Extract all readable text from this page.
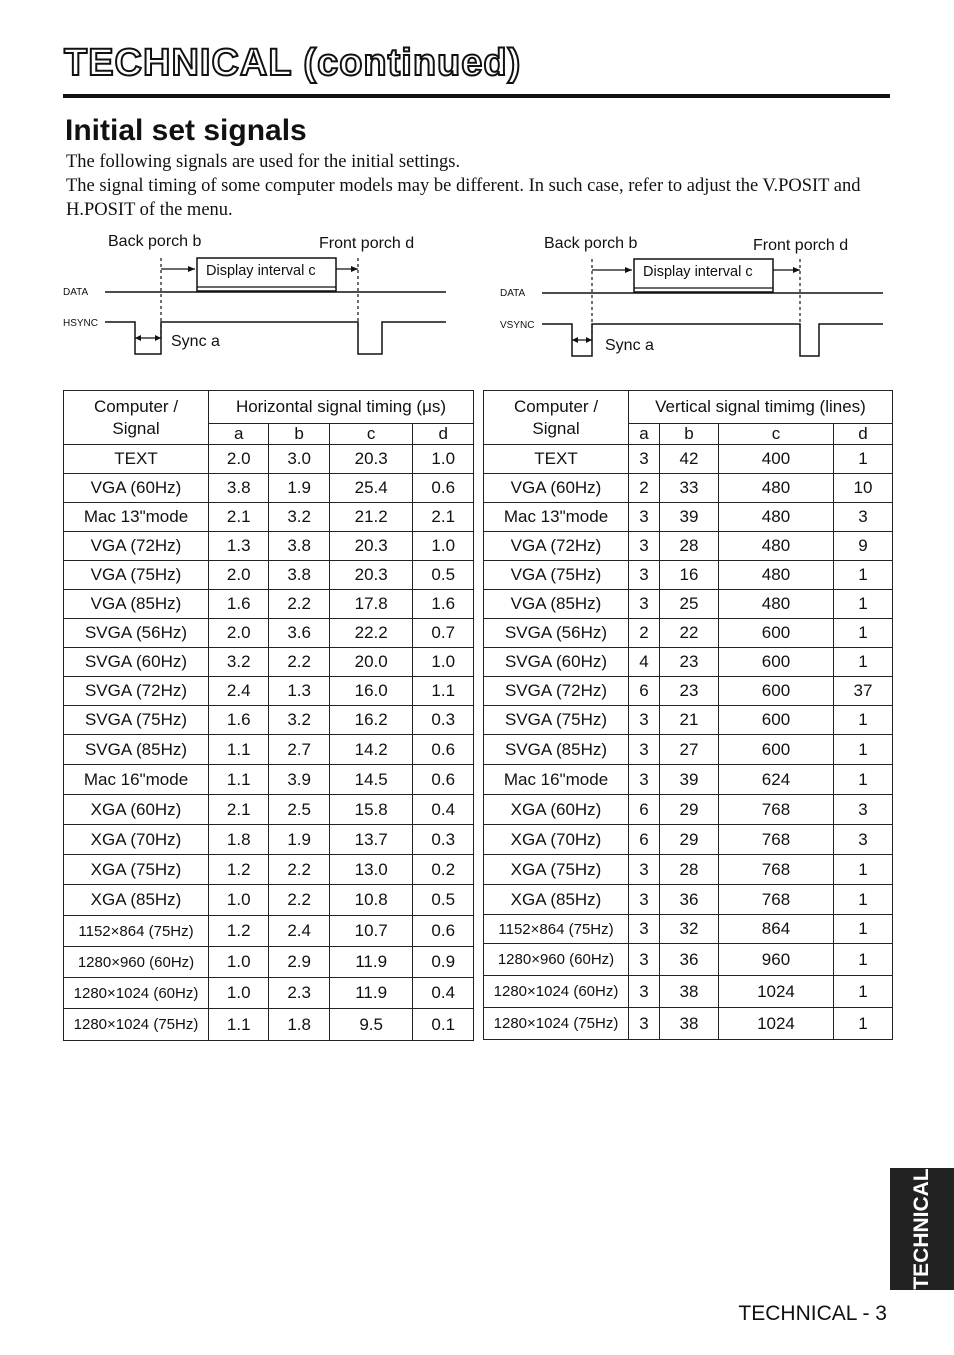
TECHNICAL (continued)
Initial set signals

The following signals are used for the initial settings.

The signal timing of some computer models may be different. In such case, refer to adjust the V.POSIT and H.POSIT of the menu.

Back porch b	Front porch d
Display interval c
DATA
HSYNC
Sync a
Back porch b	Front porch d
Display interval c
DATA
VSYNC
Sync a
Computer /
Signal	Horizontal signal timing (μs)			
	a	b	c	d
TEXT	2.0	3.0	20.3	1.0
VGA (60Hz)	3.8	1.9	25.4	0.6
Mac 13"mode	2.1	3.2	21.2	2.1
VGA (72Hz)	1.3	3.8	20.3	1.0
VGA (75Hz)	2.0	3.8	20.3	0.5
VGA (85Hz)	1.6	2.2	17.8	1.6
SVGA (56Hz)	2.0	3.6	22.2	0.7
SVGA (60Hz)	3.2	2.2	20.0	1.0
SVGA (72Hz)	2.4	1.3	16.0	1.1
SVGA (75Hz)	1.6	3.2	16.2	0.3
SVGA (85Hz)	1.1	2.7	14.2	0.6
Mac 16"mode	1.1	3.9	14.5	0.6
XGA (60Hz)	2.1	2.5	15.8	0.4
XGA (70Hz)	1.8	1.9	13.7	0.3
XGA (75Hz)	1.2	2.2	13.0	0.2
XGA (85Hz)	1.0	2.2	10.8	0.5
1152×864 (75Hz)	1.2	2.4	10.7	0.6
1280×960 (60Hz)	1.0	2.9	11.9	0.9
1280×1024 (60Hz)	1.0	2.3	11.9	0.4
1280×1024 (75Hz)	1.1	1.8	9.5	0.1
Computer /
Signal	Vertical signal timimg (lines)			
	a	b	c	d
TEXT	3	42	400	1
VGA (60Hz)	2	33	480	10
Mac 13"mode	3	39	480	3
VGA (72Hz)	3	28	480	9
VGA (75Hz)	3	16	480	1
VGA (85Hz)	3	25	480	1
SVGA (56Hz)	2	22	600	1
SVGA (60Hz)	4	23	600	1
SVGA (72Hz)	6	23	600	37
SVGA (75Hz)	3	21	600	1
SVGA (85Hz)	3	27	600	1
Mac 16"mode	3	39	624	1
XGA (60Hz)	6	29	768	3
XGA (70Hz)	6	29	768	3
XGA (75Hz)	3	28	768	1
XGA (85Hz)	3	36	768	1
1152×864 (75Hz)	3	32	864	1
1280×960 (60Hz)	3	36	960	1
1280×1024 (60Hz)	3	38	1024	1
1280×1024 (75Hz)	3	38	1024	1
TECHNICAL
TECHNICAL - 3
